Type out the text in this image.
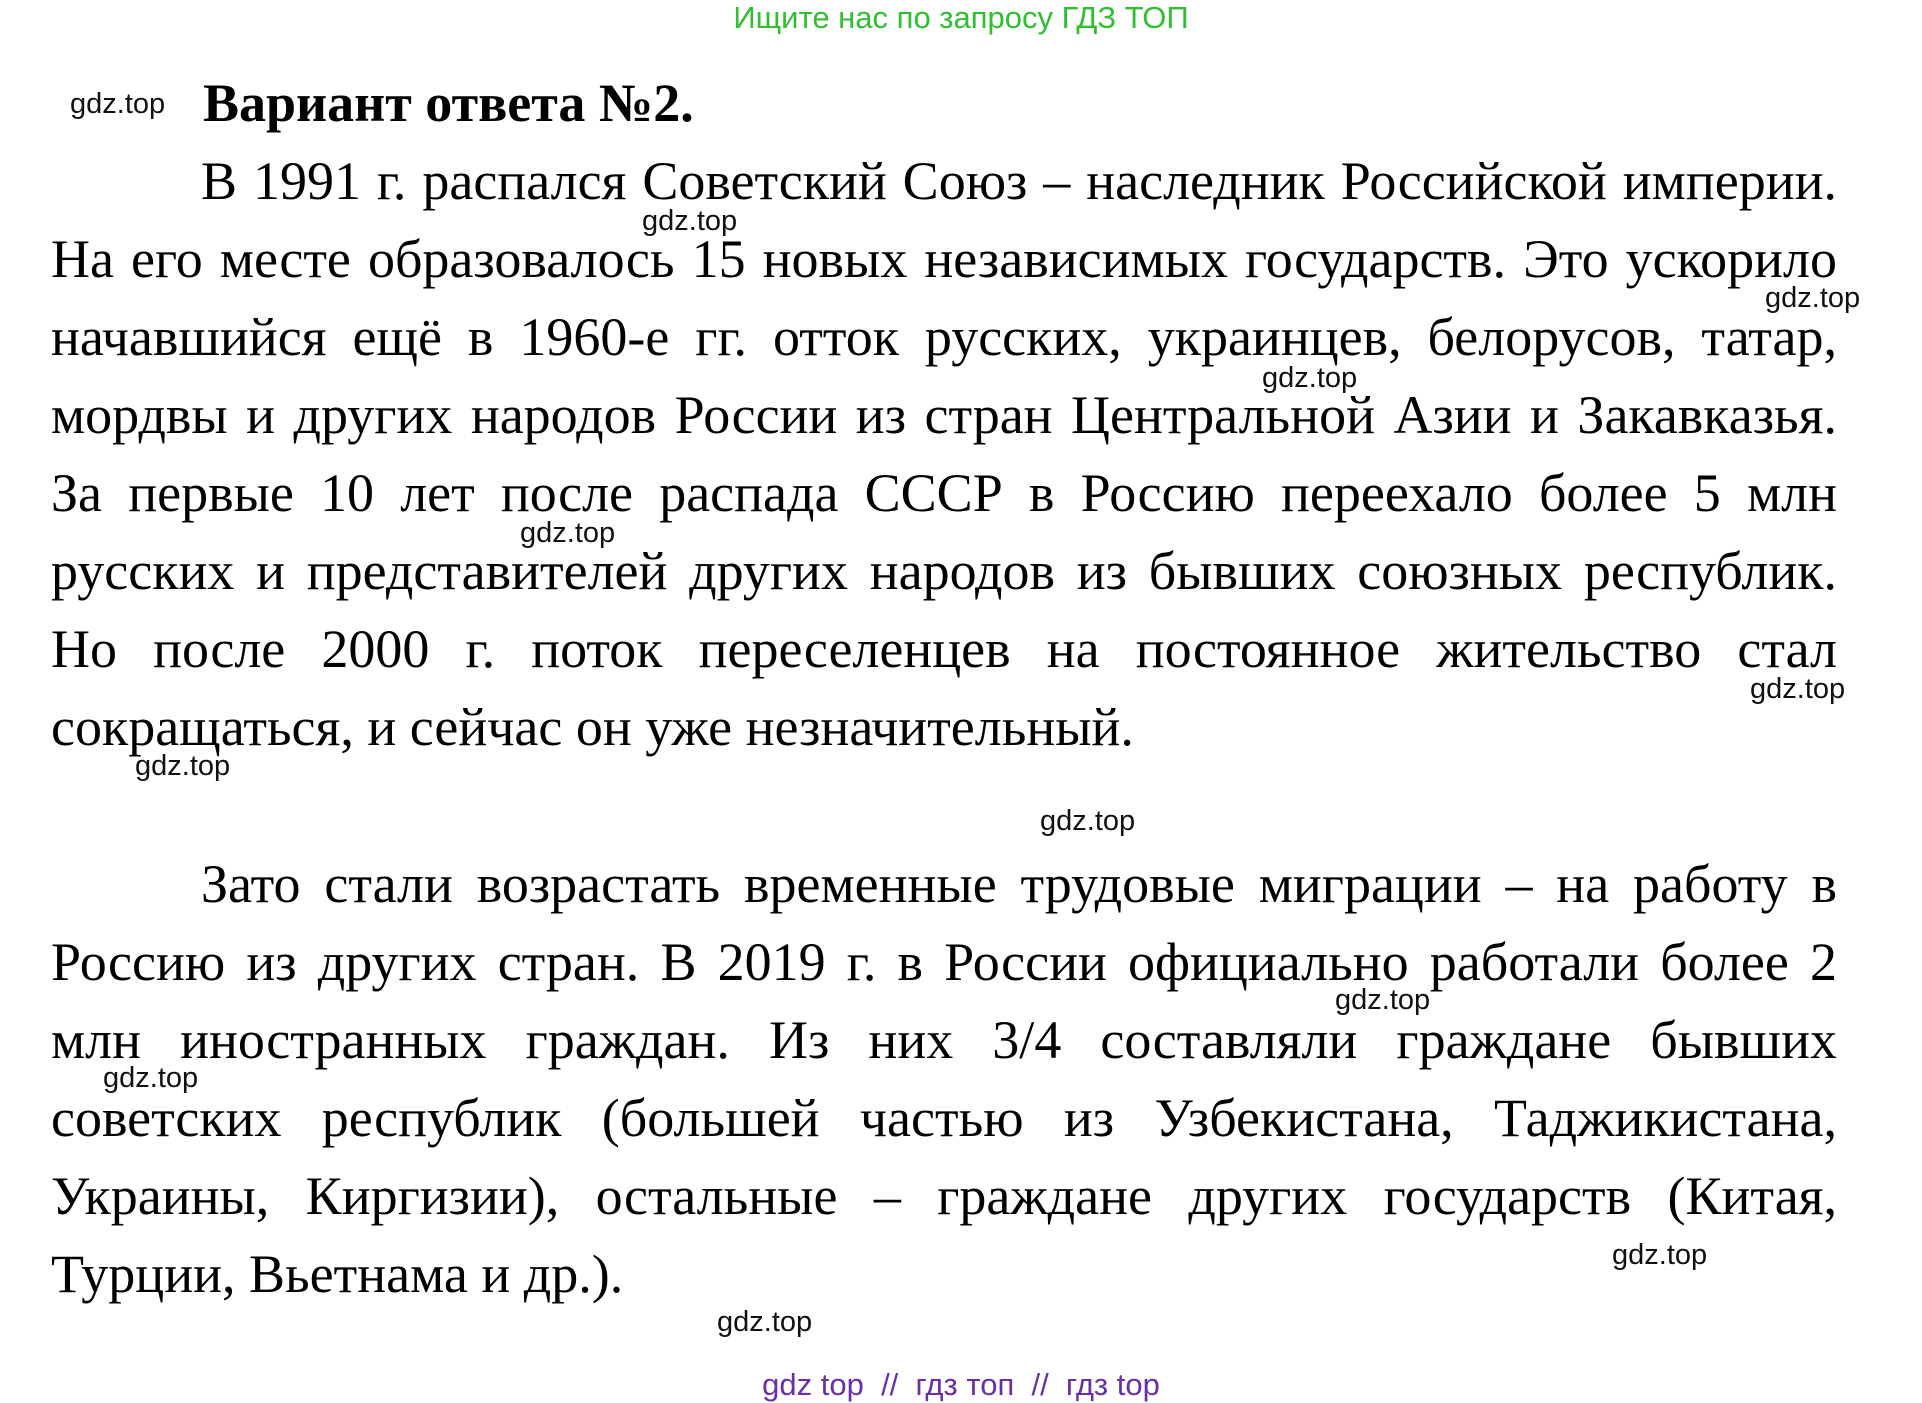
Ищите нас по запросу ГДЗ ТОП
Вариант ответа №2.

В 1991 г. распался Советский Союз – наследник Российской империи. На его месте образовалось 15 новых независимых государств. Это ускорило начавшийся ещё в 1960-е гг. отток русских, украинцев, белорусов, татар, мордвы и других народов России из стран Центральной Азии и Закавказья. За первые 10 лет после распада СССР в Россию переехало более 5 млн русских и представителей других народов из бывших союзных республик. Но после 2000 г. поток переселенцев на постоянное жительство стал сокращаться, и сейчас он уже незначительный.

Зато стали возрастать временные трудовые миграции – на работу в Россию из других стран. В 2019 г. в России официально работали более 2 млн иностранных граждан. Из них 3/4 составляли граждане бывших советских республик (большей частью из Узбекистана, Таджикистана, Украины, Киргизии), остальные – граждане других государств (Китая, Турции, Вьетнама и др.).

gdz.top
gdz.top
gdz.top
gdz.top
gdz.top
gdz.top
gdz.top
gdz.top
gdz.top
gdz.top
gdz.top
gdz.top
gdz top  //  гдз топ  //  гдз top
